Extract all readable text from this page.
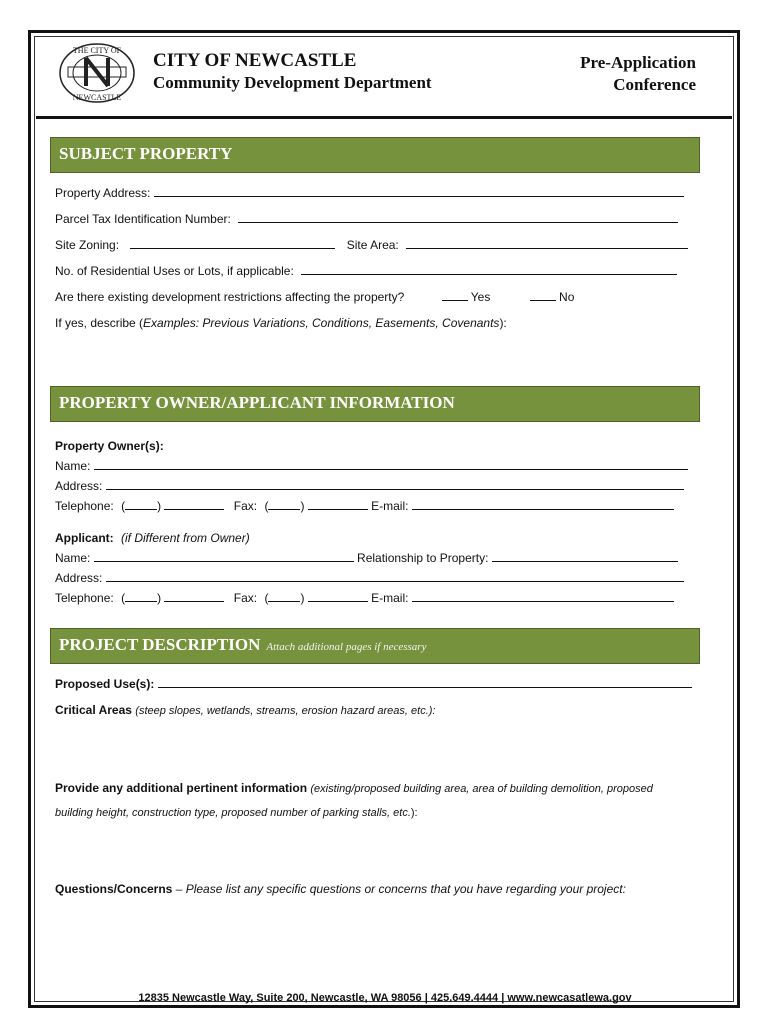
THE CITY OF
NEWCASTLE
CITY OF NEWCASTLE
Community Development Department
Pre-Application
Conference
SUBJECT PROPERTY
Property Address:
Parcel Tax Identification Number:
Site Zoning:	Site Area:
No. of Residential Uses or Lots, if applicable:
Are there existing development restrictions affecting the property?	Yes	No
If yes, describe (Examples: Previous Variations, Conditions, Easements, Covenants):
PROPERTY OWNER/APPLICANT INFORMATION
Property Owner(s):
Name:
Address:
Telephone: (	)	Fax: (	)	E-mail:
Applicant: (if Different from Owner)
Name:	Relationship to Property:
Address:
Telephone: (	)	Fax: (	)	E-mail:
PROJECT DESCRIPTION Attach additional pages if necessary
Proposed Use(s):
Critical Areas (steep slopes, wetlands, streams, erosion hazard areas, etc.):
Provide any additional pertinent information (existing/proposed building area, area of building demolition, proposed
building height, construction type, proposed number of parking stalls, etc.):
Questions/Concerns – Please list any specific questions or concerns that you have regarding your project:
12835 Newcastle Way, Suite 200, Newcastle, WA 98056 | 425.649.4444 | www.newcasatlewa.gov
